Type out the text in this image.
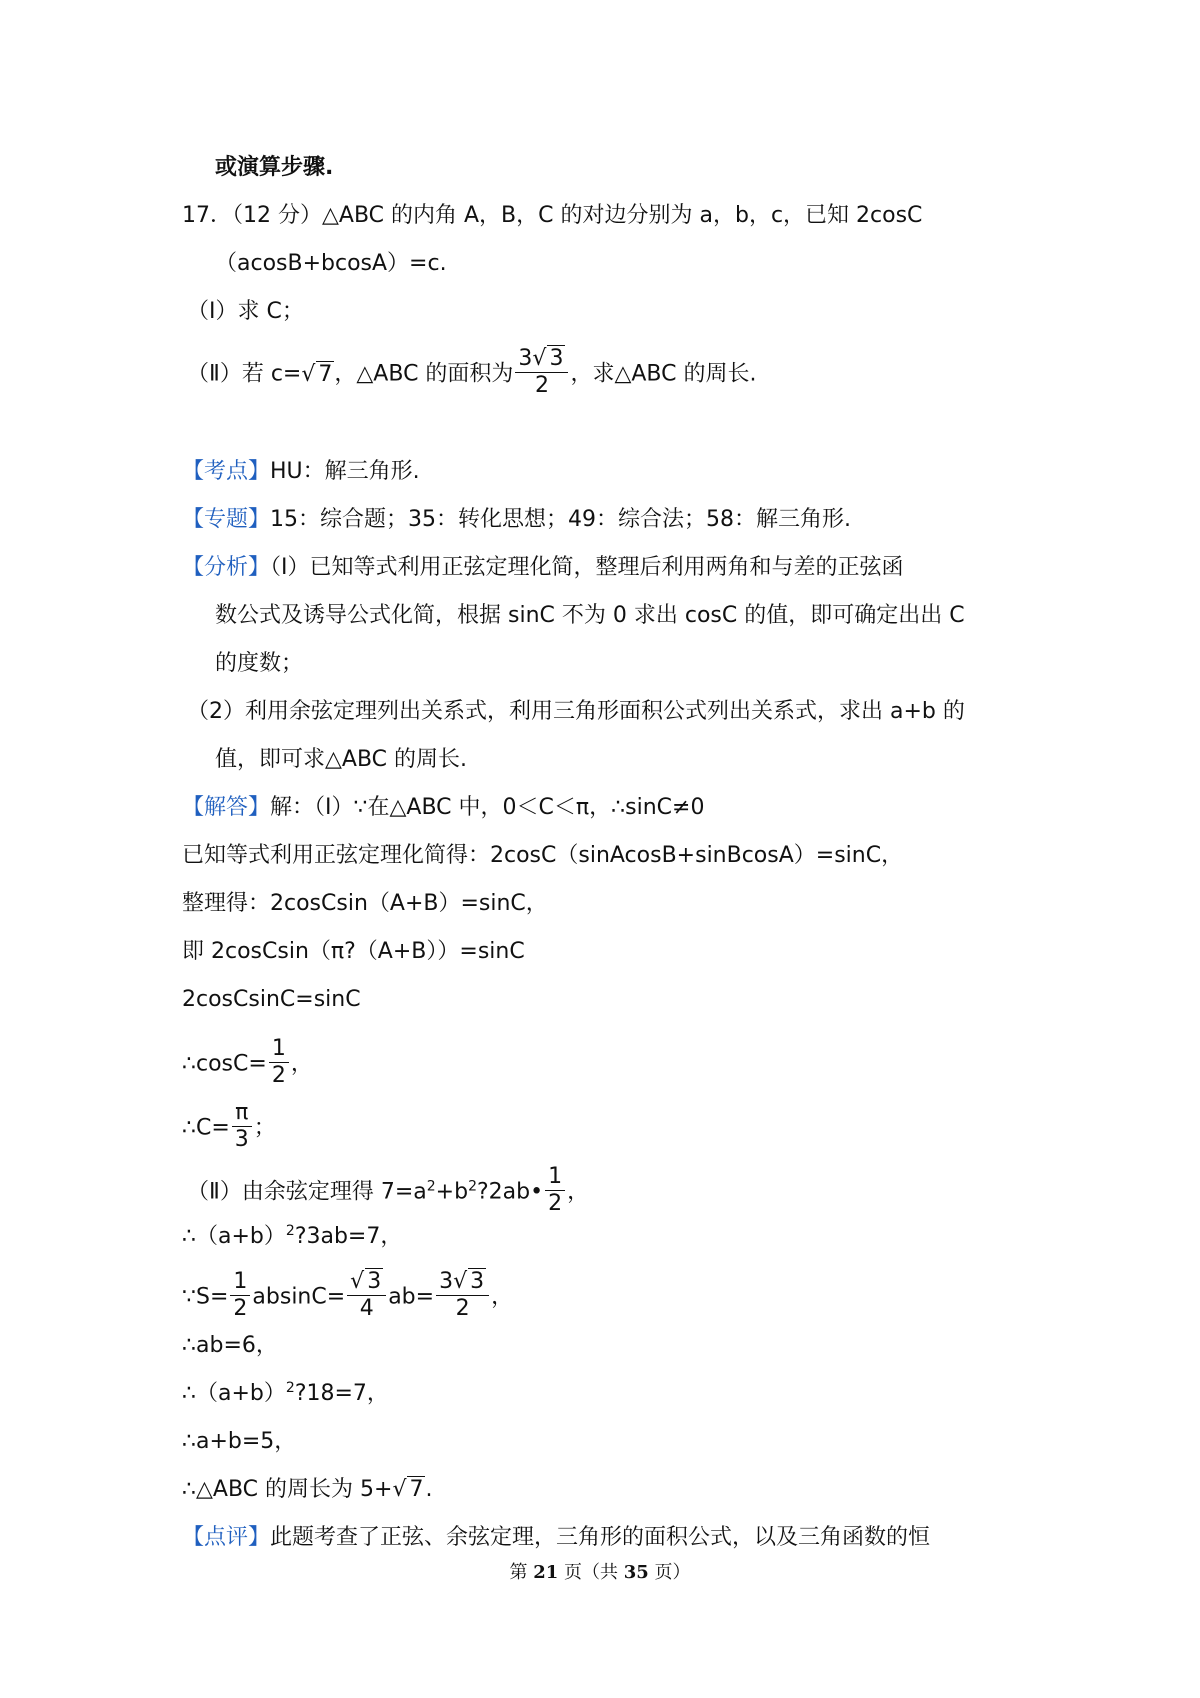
或演算步骤.
17．（12 分）△ABC 的内角 A，B，C 的对边分别为 a，b，c，已知 2cosC
（acosB+bcosA）=c.
（Ⅰ）求 C；
（Ⅱ）若 c=√ 7，△ABC 的面积为 $\frac{3√ 3}{2}$ ，求△ABC 的周长.
【考点】HU：解三角形.
【专题】15：综合题；35：转化思想；49：综合法；58：解三角形.
【分析】（Ⅰ）已知等式利用正弦定理化简，整理后利用两角和与差的正弦函
数公式及诱导公式化简，根据 sinC 不为 0 求出 cosC 的值，即可确定出出 C
的度数；
（2）利用余弦定理列出关系式，利用三角形面积公式列出关系式，求出 a+b 的
值，即可求△ABC 的周长.
【解答】解：（Ⅰ）∵在△ABC 中，0＜C＜π，∴sinC≠0
已知等式利用正弦定理化简得：2cosC（sinAcosB+sinBcosA）=sinC，
整理得：2cosCsin（A+B）=sinC，
即 2cosCsin（π?（A+B））=sinC
2cosCsinC=sinC
∴cosC= $\frac{1}{2}$ ，
∴C= $\frac{\pi}{3}$ ；
（Ⅱ）由余弦定理得 $7=a^2+b^2?2ab• \frac{1}{2}$ ，
$\therefore(a+b)^2?3ab=7$，
∵S= $\frac{1}{2} absinC= \frac{√ 3}{4} ab= \frac{3√ 3}{2}$ ，
∴ab=6，
$\therefore(a+b)^2?18=7$，
∴a+b=5，
∴△ABC 的周长为 5+√ 7.
【点评】此题考查了正弦、余弦定理，三角形的面积公式，以及三角函数的恒
第 21 页（共 35 页）
